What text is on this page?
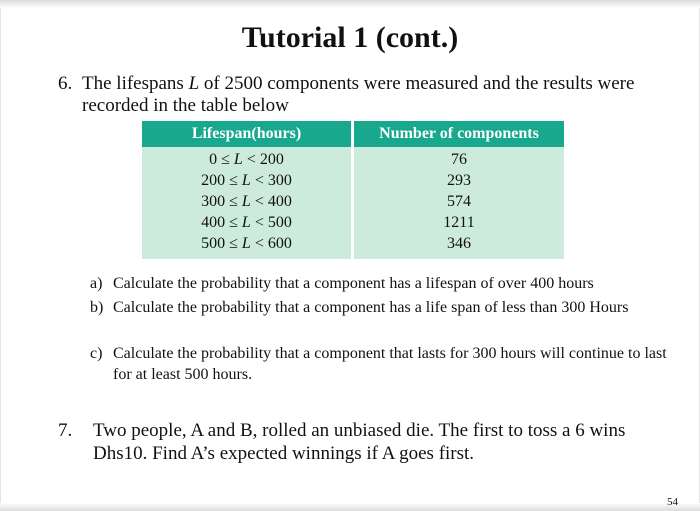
Tutorial 1 (cont.)
6. The lifespans L of 2500 components were measured and the results were recorded in the table below
Lifespan(hours)	Number of components
0 ≤ L < 200
200 ≤ L < 300
300 ≤ L < 400
400 ≤ L < 500
500 ≤ L < 600
76
293
574
1211
346
a) Calculate the probability that a component has a lifespan of over 400 hours
b) Calculate the probability that a component has a life span of less than 300 Hours
c) Calculate the probability that a component that lasts for 300 hours will continue to last for at least 500 hours.
7. Two people, A and B, rolled an unbiased die. The first to toss a 6 wins Dhs10. Find A’s expected winnings if A goes first.
54
